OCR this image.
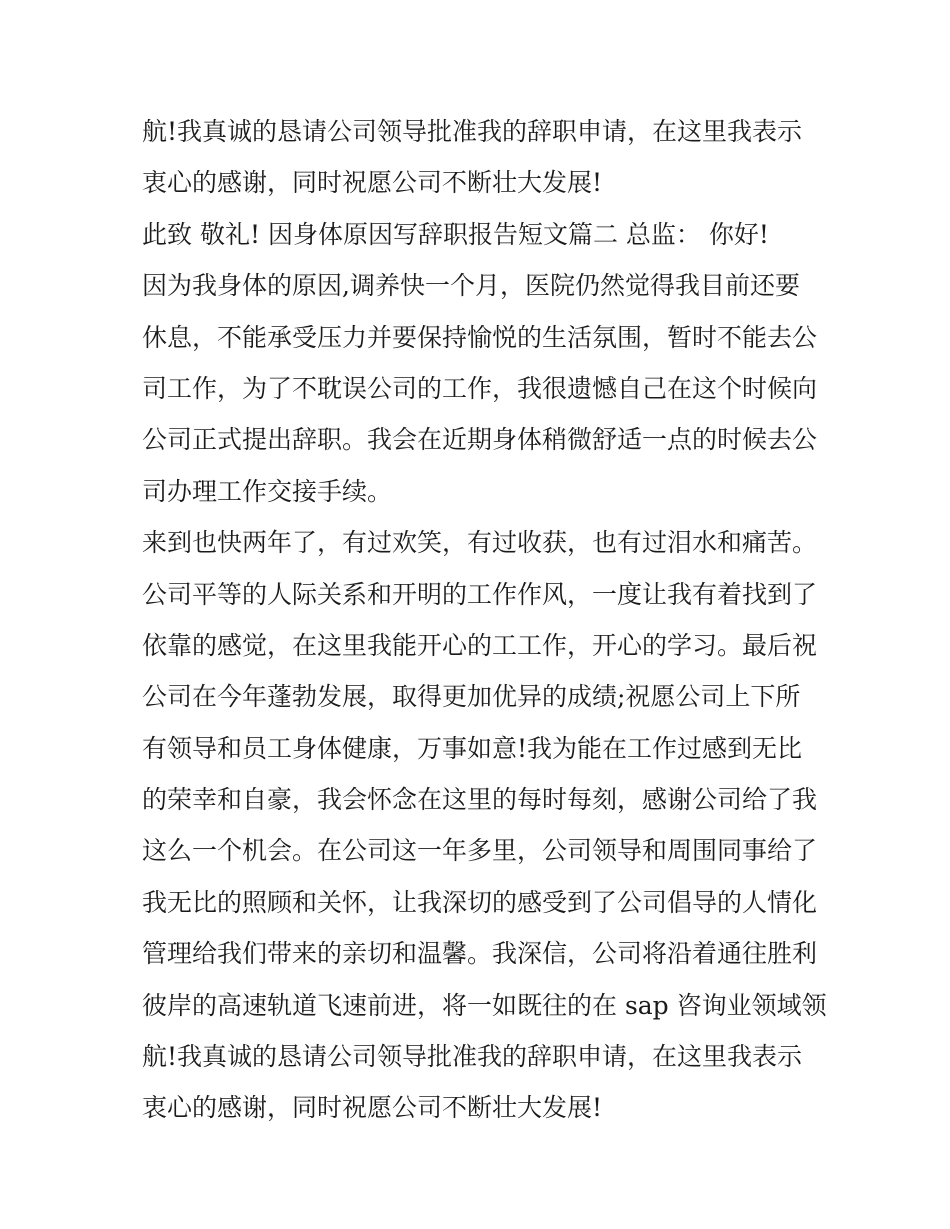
航!我真诚的恳请公司领导批准我的辞职申请，在这里我表示
衷心的感谢，同时祝愿公司不断壮大发展!
此致 敬礼! 因身体原因写辞职报告短文篇二 总监： 你好!
因为我身体的原因,调养快一个月，医院仍然觉得我目前还要
休息，不能承受压力并要保持愉悦的生活氛围，暂时不能去公
司工作，为了不耽误公司的工作，我很遗憾自己在这个时候向
公司正式提出辞职。我会在近期身体稍微舒适一点的时候去公
司办理工作交接手续。
来到也快两年了，有过欢笑，有过收获，也有过泪水和痛苦。
公司平等的人际关系和开明的工作作风，一度让我有着找到了
依靠的感觉，在这里我能开心的工工作，开心的学习。最后祝
公司在今年蓬勃发展，取得更加优异的成绩;祝愿公司上下所
有领导和员工身体健康，万事如意!我为能在工作过感到无比
的荣幸和自豪，我会怀念在这里的每时每刻，感谢公司给了我
这么一个机会。在公司这一年多里，公司领导和周围同事给了
我无比的照顾和关怀，让我深切的感受到了公司倡导的人情化
管理给我们带来的亲切和温馨。我深信，公司将沿着通往胜利
彼岸的高速轨道飞速前进，将一如既往的在 sap 咨询业领域领
航!我真诚的恳请公司领导批准我的辞职申请，在这里我表示
衷心的感谢，同时祝愿公司不断壮大发展!
